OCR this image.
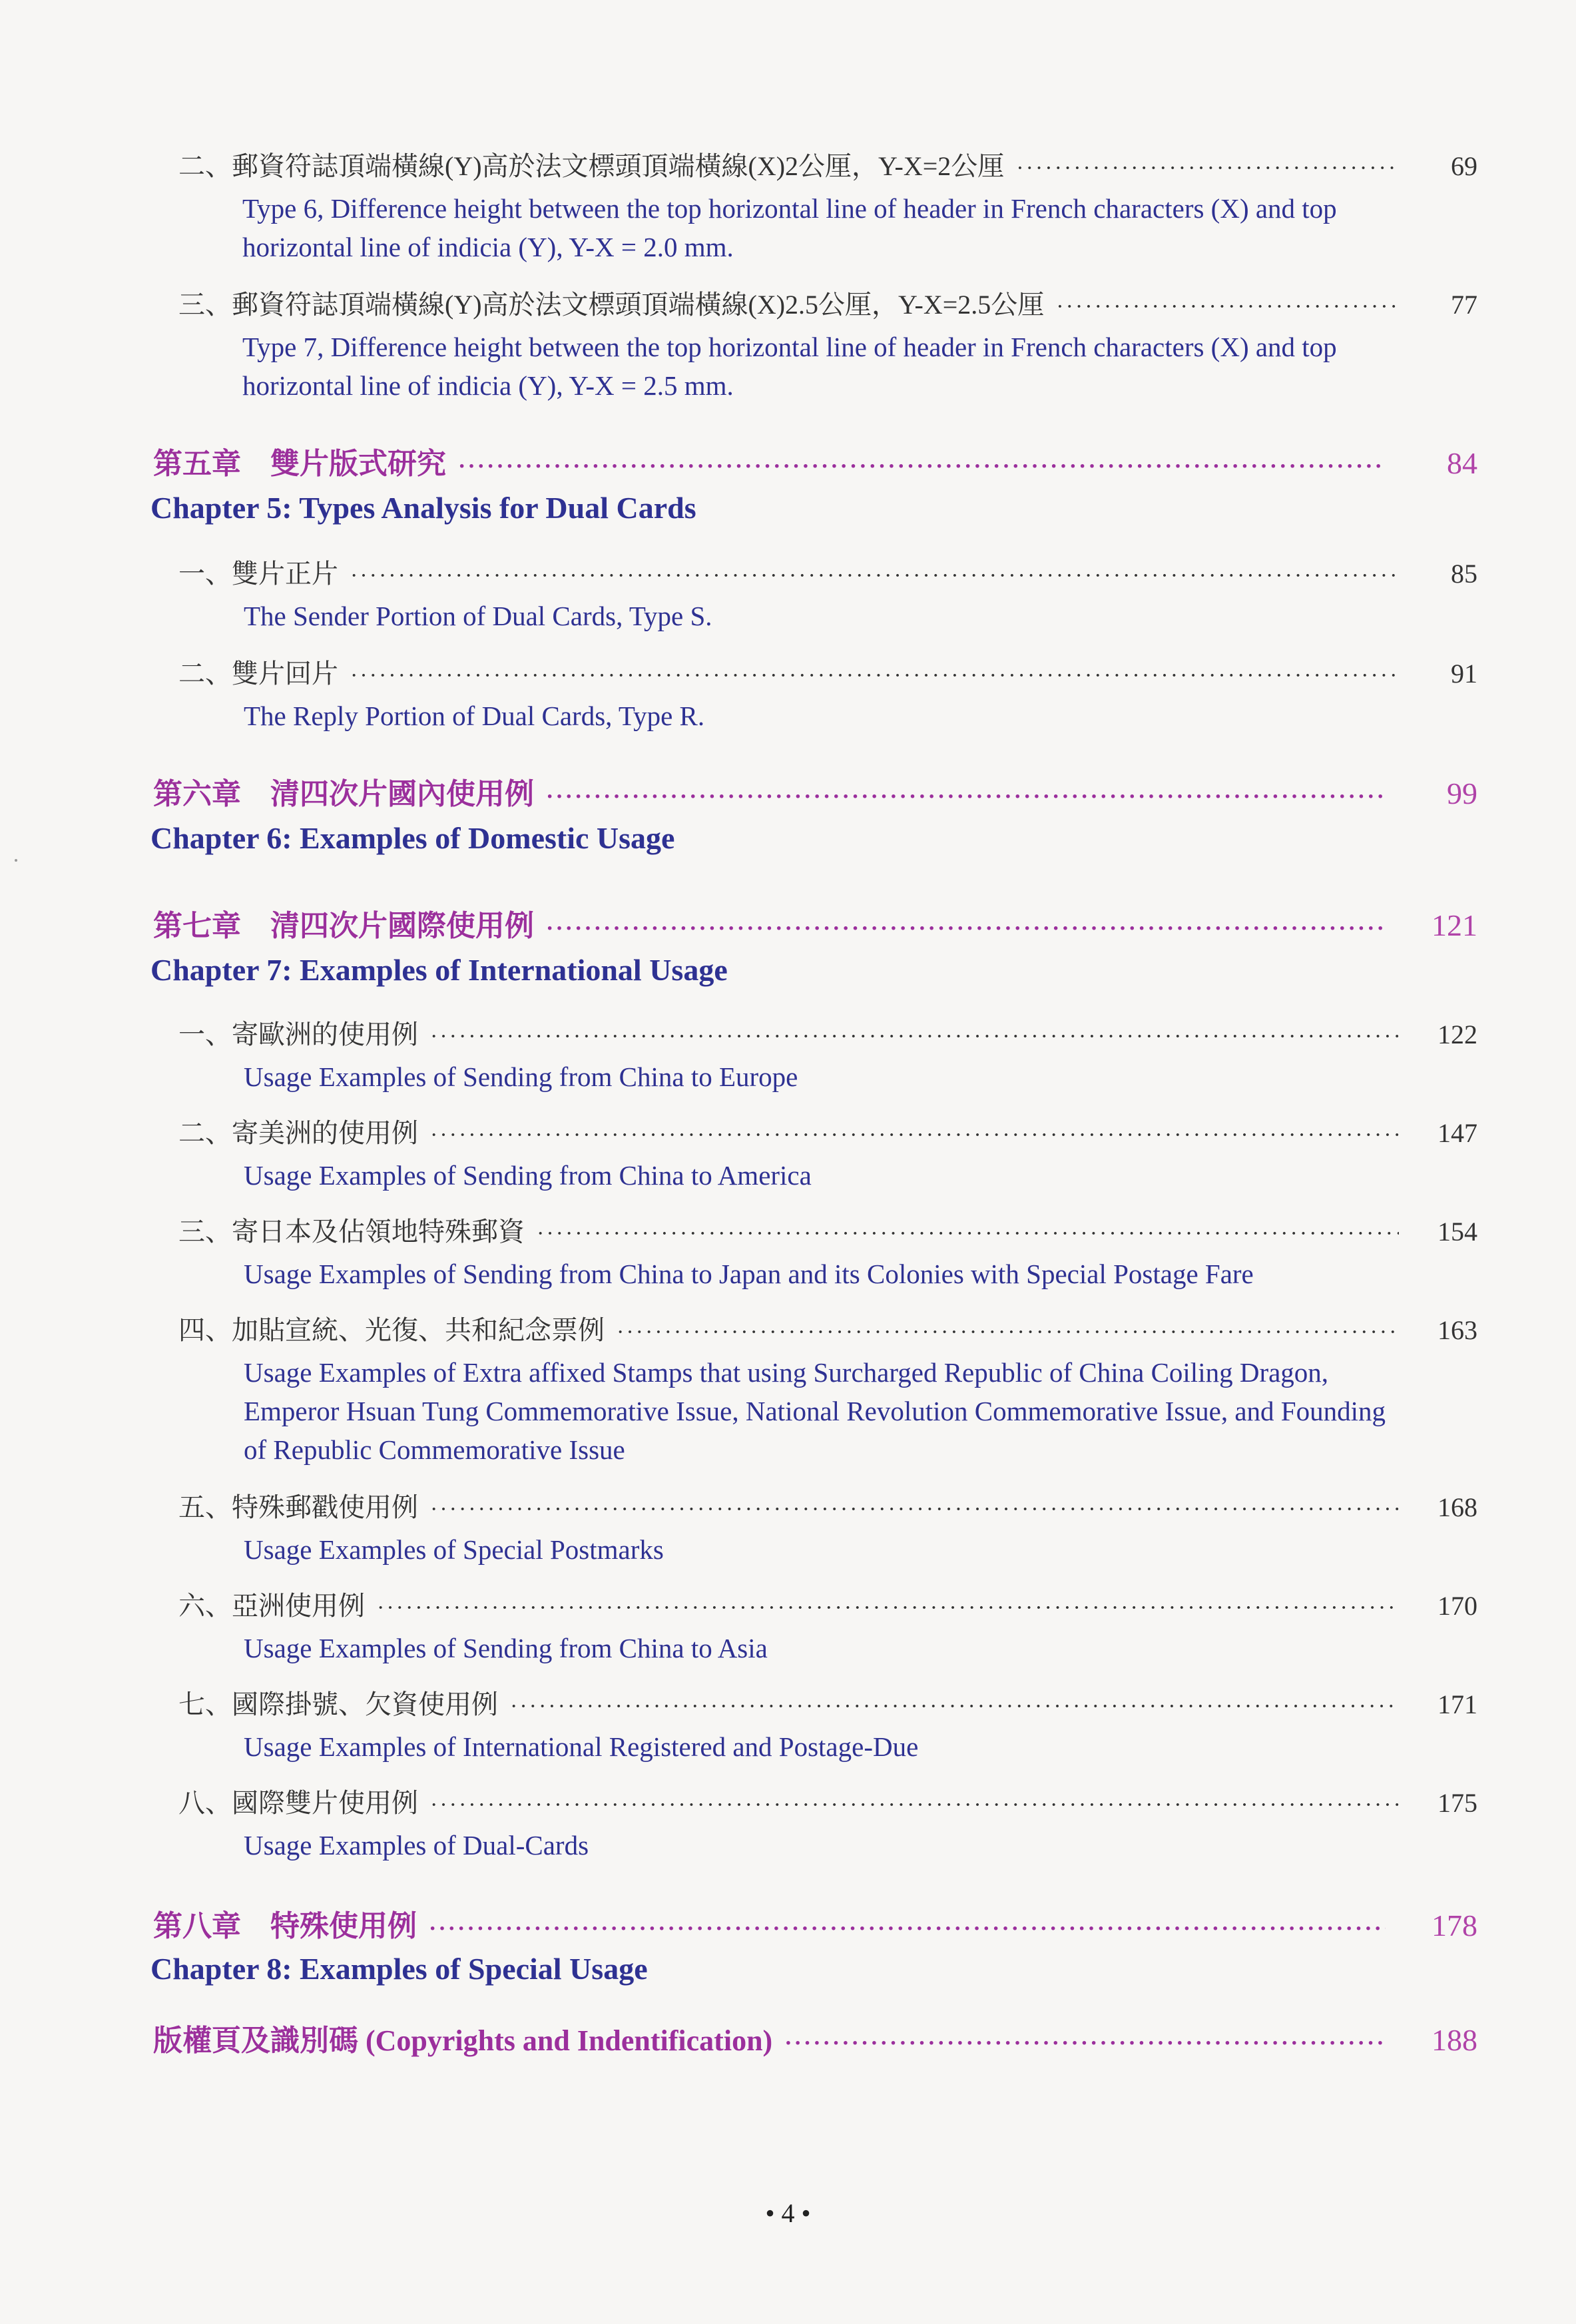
二、郵資符誌頂端橫線(Y)高於法文標頭頂端橫線(X)2公厘，Y-X=2公厘 ·····	69
Type 6, Difference height between the top horizontal line of header in French characters (X) and top horizontal line of indicia (Y), Y-X = 2.0 mm.
三、郵資符誌頂端橫線(Y)高於法文標頭頂端橫線(X)2.5公厘，Y-X=2.5公厘 ·····	77
Type 7, Difference height between the top horizontal line of header in French characters (X) and top horizontal line of indicia (Y), Y-X = 2.5 mm.
第五章　雙片版式研究 ·····	84
Chapter 5: Types Analysis for Dual Cards
一、雙片正片 ·····	85
The Sender Portion of Dual Cards, Type S.
二、雙片回片 ·····	91
The Reply Portion of Dual Cards, Type R.
第六章　清四次片國內使用例 ·····	99
Chapter 6: Examples of Domestic Usage
第七章　清四次片國際使用例 ·····	121
Chapter 7: Examples of International Usage
一、寄歐洲的使用例 ·····	122
Usage Examples of Sending from China to Europe
二、寄美洲的使用例 ·····	147
Usage Examples of Sending from China to America
三、寄日本及佔領地特殊郵資 ·····	154
Usage Examples of Sending from China to Japan and its Colonies with Special Postage Fare
四、加貼宣統、光復、共和紀念票例 ·····	163
Usage Examples of Extra affixed Stamps that using Surcharged Republic of China Coiling Dragon, Emperor Hsuan Tung Commemorative Issue, National Revolution Commemorative Issue, and Founding of Republic Commemorative Issue
五、特殊郵戳使用例 ·····	168
Usage Examples of Special Postmarks
六、亞洲使用例 ·····	170
Usage Examples of Sending from China to Asia
七、國際掛號、欠資使用例 ·····	171
Usage Examples of International Registered and Postage-Due
八、國際雙片使用例 ·····	175
Usage Examples of Dual-Cards
第八章　特殊使用例 ·····	178
Chapter 8: Examples of Special Usage
版權頁及識別碼 (Copyrights and Indentification) ·····	188
• 4 •
